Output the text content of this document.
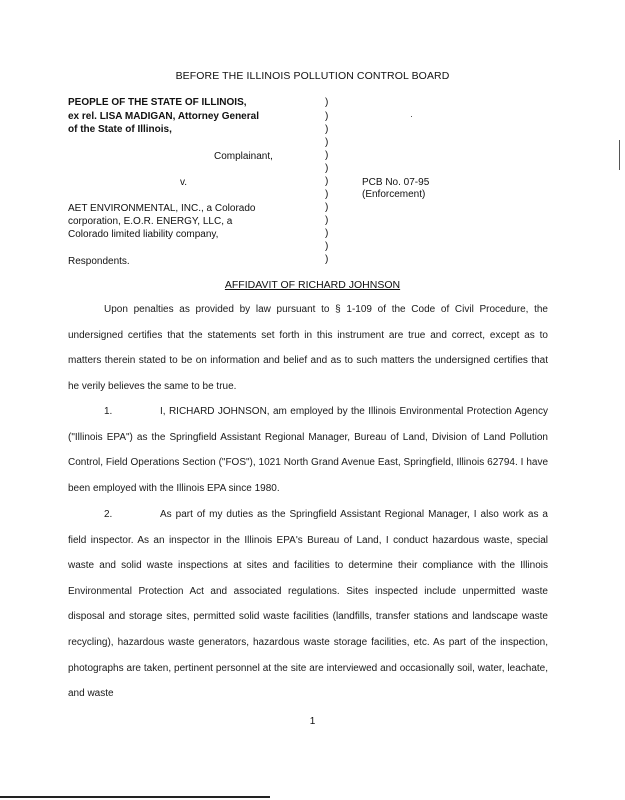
BEFORE THE ILLINOIS POLLUTION CONTROL BOARD
PEOPLE OF THE STATE OF ILLINOIS,
ex rel. LISA MADIGAN, Attorney General
of the State of Illinois,
Complainant,
v.	PCB No. 07-95
(Enforcement)
AET ENVIRONMENTAL, INC., a Colorado
corporation, E.O.R. ENERGY, LLC, a
Colorado limited liability company,
Respondents.
)
)
)
)
)
)
)
)
)
)
)
)
)
AFFIDAVIT OF RICHARD JOHNSON

Upon penalties as provided by law pursuant to § 1-109 of the Code of Civil Procedure, the undersigned certifies that the statements set forth in this instrument are true and correct, except as to matters therein stated to be on information and belief and as to such matters the undersigned certifies that he verily believes the same to be true.

1.	I, RICHARD JOHNSON, am employed by the Illinois Environmental Protection Agency ("Illinois EPA") as the Springfield Assistant Regional Manager, Bureau of Land, Division of Land Pollution Control, Field Operations Section ("FOS"), 1021 North Grand Avenue East, Springfield, Illinois 62794. I have been employed with the Illinois EPA since 1980.

2.	As part of my duties as the Springfield Assistant Regional Manager, I also work as a field inspector. As an inspector in the Illinois EPA's Bureau of Land, I conduct hazardous waste, special waste and solid waste inspections at sites and facilities to determine their compliance with the Illinois Environmental Protection Act and associated regulations. Sites inspected include unpermitted waste disposal and storage sites, permitted solid waste facilities (landfills, transfer stations and landscape waste recycling), hazardous waste generators, hazardous waste storage facilities, etc. As part of the inspection, photographs are taken, pertinent personnel at the site are interviewed and occasionally soil, water, leachate, and waste

1
